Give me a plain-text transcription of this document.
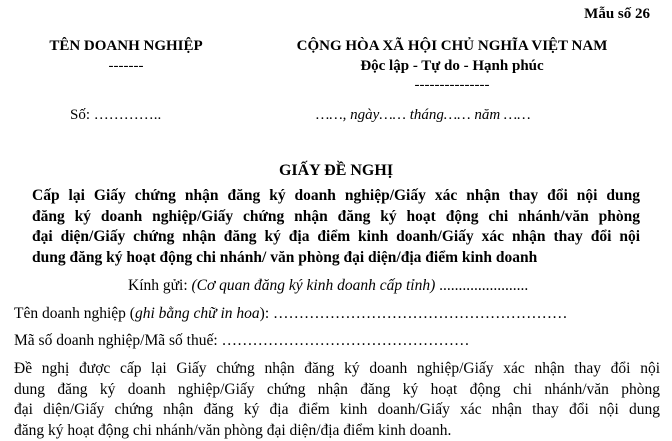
Mẫu số 26
TÊN DOANH NGHIỆP
-------
CỘNG HÒA XÃ HỘI CHỦ NGHĨA VIỆT NAM
Độc lập - Tự do - Hạnh phúc
---------------
Số: …………..	……, ngày…… tháng…… năm ……
GIẤY ĐỀ NGHỊ
Cấp lại Giấy chứng nhận đăng ký doanh nghiệp/Giấy xác nhận thay đổi nội dung
đăng ký doanh nghiệp/Giấy chứng nhận đăng ký hoạt động chi nhánh/văn phòng
đại diện/Giấy chứng nhận đăng ký địa điểm kinh doanh/Giấy xác nhận thay đổi nội
dung đăng ký hoạt động chi nhánh/ văn phòng đại diện/địa điểm kinh doanh
Kính gửi: (Cơ quan đăng ký kinh doanh cấp tỉnh) .......................
Tên doanh nghiệp (ghi bằng chữ in hoa): …………………………………………………
Mã số doanh nghiệp/Mã số thuế: …………………………………………
Đề nghị được cấp lại Giấy chứng nhận đăng ký doanh nghiệp/Giấy xác nhận thay đổi nội
dung đăng ký doanh nghiệp/Giấy chứng nhận đăng ký hoạt động chi nhánh/văn phòng
đại diện/Giấy chứng nhận đăng ký địa điểm kinh doanh/Giấy xác nhận thay đổi nội dung
đăng ký hoạt động chi nhánh/văn phòng đại diện/địa điểm kinh doanh.
